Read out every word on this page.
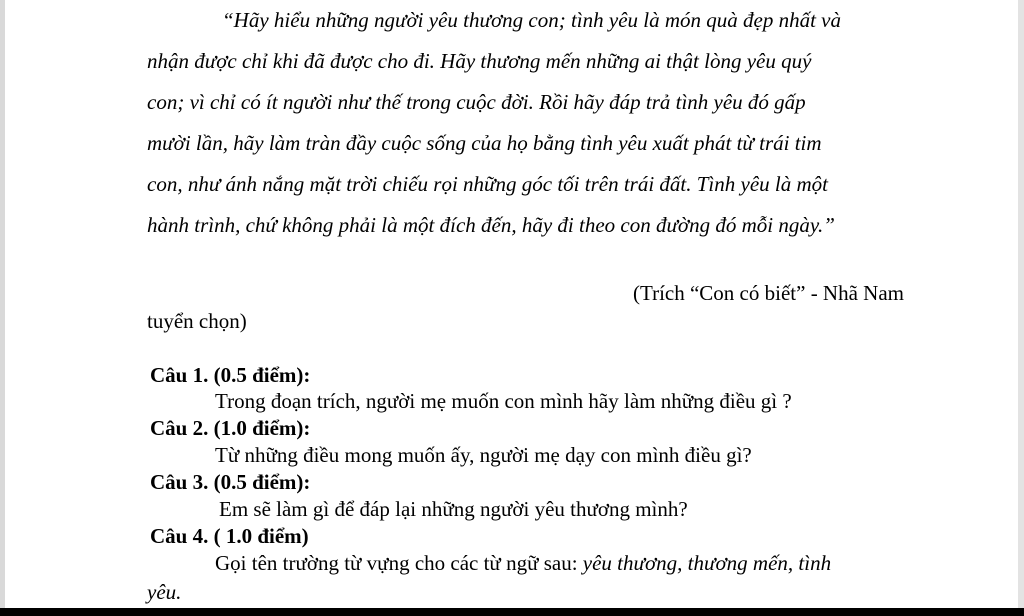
“Hãy hiểu những người yêu thương con; tình yêu là món quà đẹp nhất và
nhận được chỉ khi đã được cho đi. Hãy thương mến những ai thật lòng yêu quý
con; vì chỉ có ít người như thế trong cuộc đời. Rồi hãy đáp trả tình yêu đó gấp
mười lần, hãy làm tràn đầy cuộc sống của họ bằng tình yêu xuất phát từ trái tim
con, như ánh nắng mặt trời chiếu rọi những góc tối trên trái đất. Tình yêu là một
hành trình, chứ không phải là một đích đến, hãy đi theo con đường đó mỗi ngày.”
(Trích “Con có biết” - Nhã Nam
tuyển chọn)
Câu 1. (0.5 điểm):
Trong đoạn trích, người mẹ muốn con mình hãy làm những điều gì ?
Câu 2. (1.0 điểm):
Từ những điều mong muốn ấy, người mẹ dạy con mình điều gì?
Câu 3. (0.5 điểm):
Em sẽ làm gì để đáp lại những người yêu thương mình?
Câu 4. ( 1.0 điểm)
Gọi tên trường từ vựng cho các từ ngữ sau: yêu thương, thương mến, tình
yêu.
